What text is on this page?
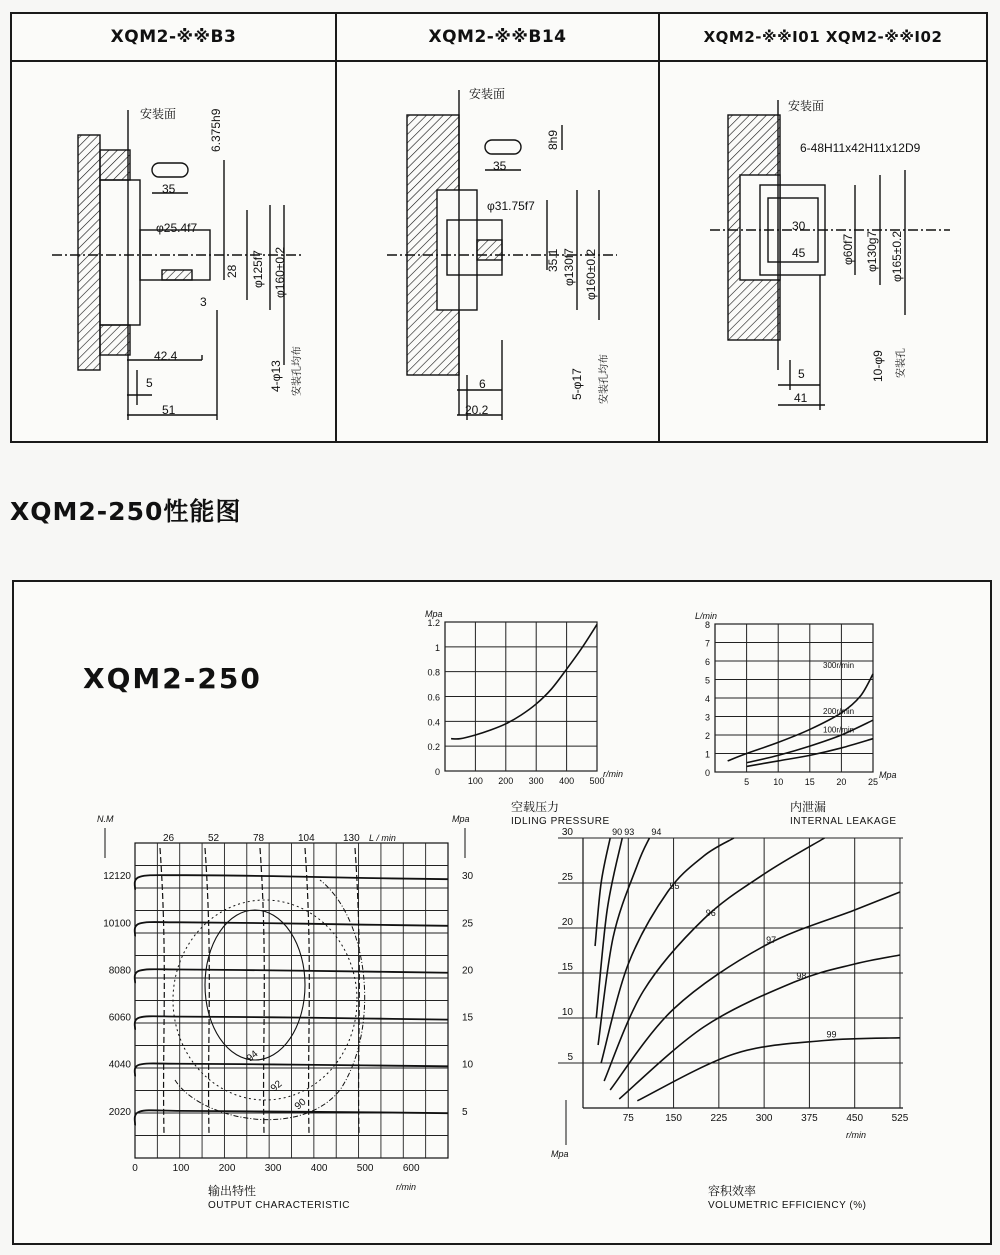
XQM2-※※B3
安装面	6.375h9
35
φ25.4f7
28 φ125f7 φ160±0.2
3
42.4
5
51
4-φ13 安装孔均布
XQM2-※※B14
安装面
8h9
35
φ31.75f7
35.1 φ130f7 φ160±0.2
6
20.2
5-φ17 安装孔均布
XQM2-※※I01 XQM2-※※I02
安装面
6-48H11x42H11x12D9
30
45	φ60f7 φ130g7 φ165±0.2
5
41
10-φ9 安装孔
XQM2-250性能图
XQM2-250
100 200 300 400 500
0
0.2
0.4
0.6
0.8
1
1.2
Mpa
r/min
5	10 15 20 25
0
1
2
3
4
5
6
7
8
L/min
Mpa
300r/min
200r/min
100r/min
0	100	200	300	400	500	600
2020
4040
6060
8080
10100
12120
5
10
15
20
25
30
26	52	78	104	130 L / min
N.M	Mpa
r/min
94
92
90
5
10
15
20
25
30
75	150	225	300	375	450	525
Mpa
r/min
90 93 94
95
96
97
98
99
空载压力
IDLING PRESSURE
内泄漏
INTERNAL LEAKAGE
输出特性
OUTPUT CHARACTERISTIC
容积效率
VOLUMETRIC EFFICIENCY (%)
